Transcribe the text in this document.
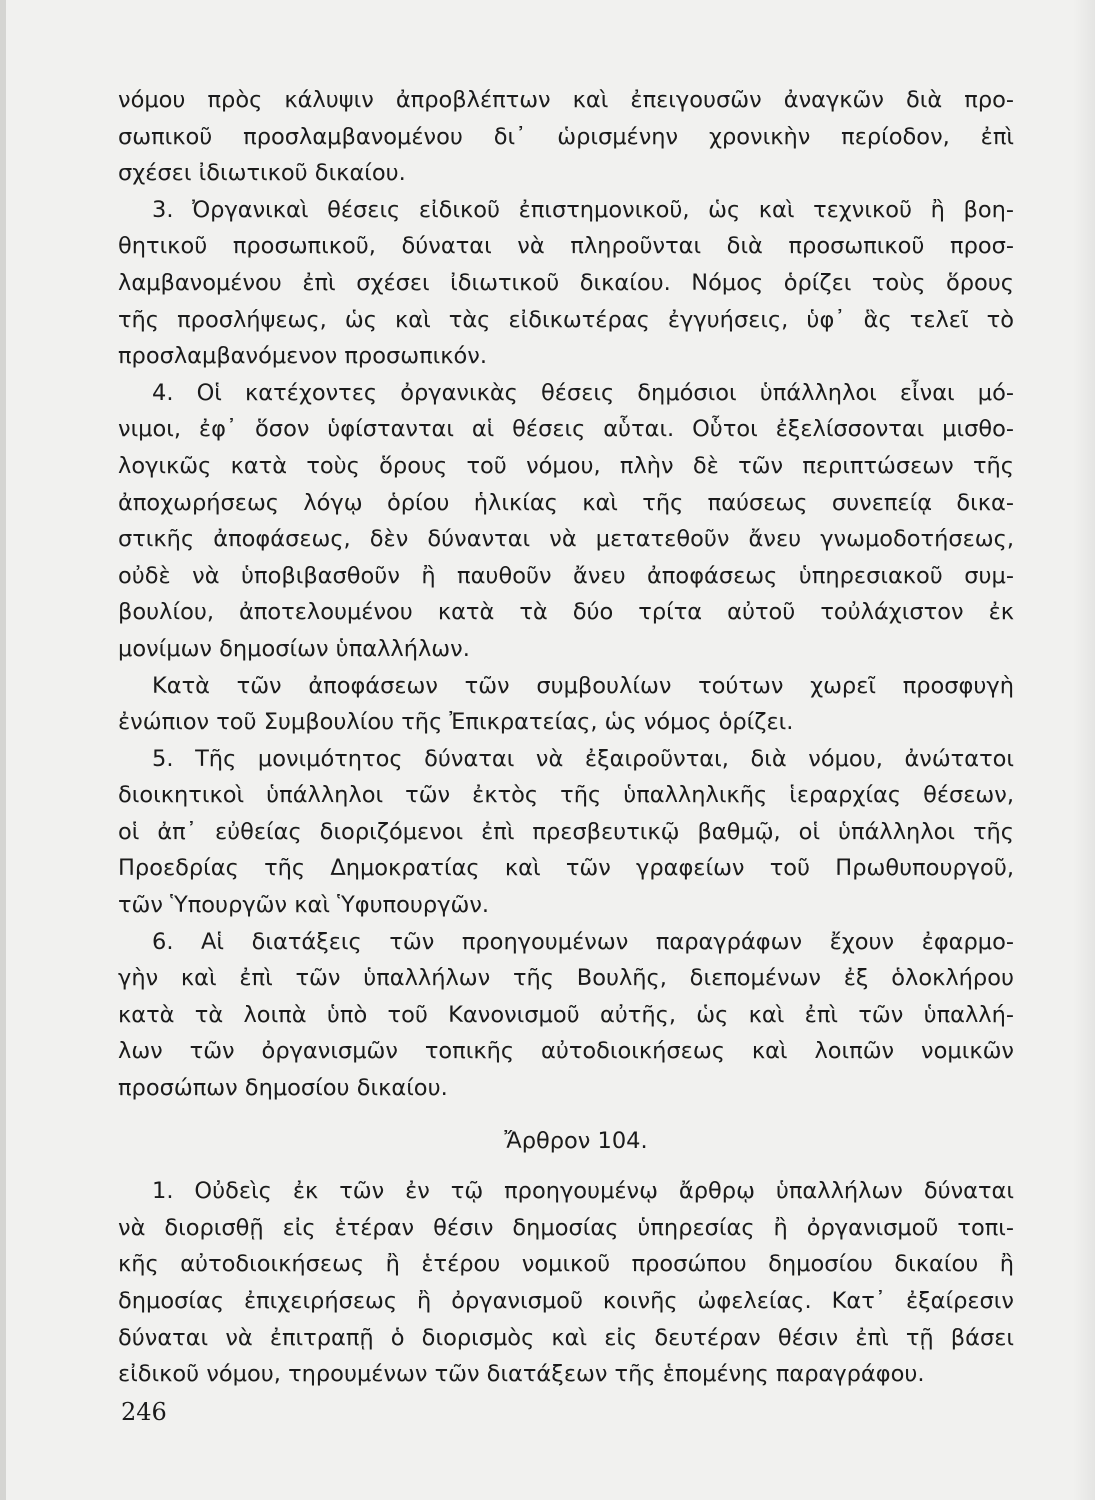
νόμου πρὸς κάλυψιν ἀπροβλέπτων καὶ ἐπειγουσῶν ἀναγκῶν διὰ προ-
σωπικοῦ προσλαμβανομένου δι᾿ ὡρισμένην χρονικὴν περίοδον, ἐπὶ
σχέσει ἰδιωτικοῦ δικαίου.
3. Ὀργανικαὶ θέσεις εἰδικοῦ ἐπιστημονικοῦ, ὡς καὶ τεχνικοῦ ἢ βοη-
θητικοῦ προσωπικοῦ, δύναται νὰ πληροῦνται διὰ προσωπικοῦ προσ-
λαμβανομένου ἐπὶ σχέσει ἰδιωτικοῦ δικαίου. Νόμος ὁρίζει τοὺς ὅρους
τῆς προσλήψεως, ὡς καὶ τὰς εἰδικωτέρας ἐγγυήσεις, ὑφ᾿ ἃς τελεῖ τὸ
προσλαμβανόμενον προσωπικόν.
4. Οἱ κατέχοντες ὀργανικὰς θέσεις δημόσιοι ὑπάλληλοι εἶναι μό-
νιμοι, ἐφ᾿ ὅσον ὑφίστανται αἱ θέσεις αὗται. Οὗτοι ἐξελίσσονται μισθο-
λογικῶς κατὰ τοὺς ὅρους τοῦ νόμου, πλὴν δὲ τῶν περιπτώσεων τῆς
ἀποχωρήσεως λόγῳ ὁρίου ἡλικίας καὶ τῆς παύσεως συνεπείᾳ δικα-
στικῆς ἀποφάσεως, δὲν δύνανται νὰ μετατεθοῦν ἄνευ γνωμοδοτήσεως,
οὐδὲ νὰ ὑποβιβασθοῦν ἢ παυθοῦν ἄνευ ἀποφάσεως ὑπηρεσιακοῦ συμ-
βουλίου, ἀποτελουμένου κατὰ τὰ δύο τρίτα αὐτοῦ τοὐλάχιστον ἐκ
μονίμων δημοσίων ὑπαλλήλων.
Κατὰ τῶν ἀποφάσεων τῶν συμβουλίων τούτων χωρεῖ προσφυγὴ
ἐνώπιον τοῦ Συμβουλίου τῆς Ἐπικρατείας, ὡς νόμος ὁρίζει.
5. Τῆς μονιμότητος δύναται νὰ ἐξαιροῦνται, διὰ νόμου, ἀνώτατοι
διοικητικοὶ ὑπάλληλοι τῶν ἐκτὸς τῆς ὑπαλληλικῆς ἱεραρχίας θέσεων,
οἱ ἀπ᾿ εὐθείας διοριζόμενοι ἐπὶ πρεσβευτικῷ βαθμῷ, οἱ ὑπάλληλοι τῆς
Προεδρίας τῆς Δημοκρατίας καὶ τῶν γραφείων τοῦ Πρωθυπουργοῦ,
τῶν Ὑπουργῶν καὶ Ὑφυπουργῶν.
6. Αἱ διατάξεις τῶν προηγουμένων παραγράφων ἔχουν ἐφαρμο-
γὴν καὶ ἐπὶ τῶν ὑπαλλήλων τῆς Βουλῆς, διεπομένων ἐξ ὁλοκλήρου
κατὰ τὰ λοιπὰ ὑπὸ τοῦ Κανονισμοῦ αὐτῆς, ὡς καὶ ἐπὶ τῶν ὑπαλλή-
λων τῶν ὀργανισμῶν τοπικῆς αὐτοδιοικήσεως καὶ λοιπῶν νομικῶν
προσώπων δημοσίου δικαίου.
Ἄρθρον 104.
1. Οὐδεὶς ἐκ τῶν ἐν τῷ προηγουμένῳ ἄρθρῳ ὑπαλλήλων δύναται
νὰ διορισθῇ εἰς ἑτέραν θέσιν δημοσίας ὑπηρεσίας ἢ ὀργανισμοῦ τοπι-
κῆς αὐτοδιοικήσεως ἢ ἑτέρου νομικοῦ προσώπου δημοσίου δικαίου ἢ
δημοσίας ἐπιχειρήσεως ἢ ὀργανισμοῦ κοινῆς ὠφελείας. Κατ᾿ ἐξαίρεσιν
δύναται νὰ ἐπιτραπῇ ὁ διορισμὸς καὶ εἰς δευτέραν θέσιν ἐπὶ τῇ βάσει
εἰδικοῦ νόμου, τηρουμένων τῶν διατάξεων τῆς ἑπομένης παραγράφου.
246
